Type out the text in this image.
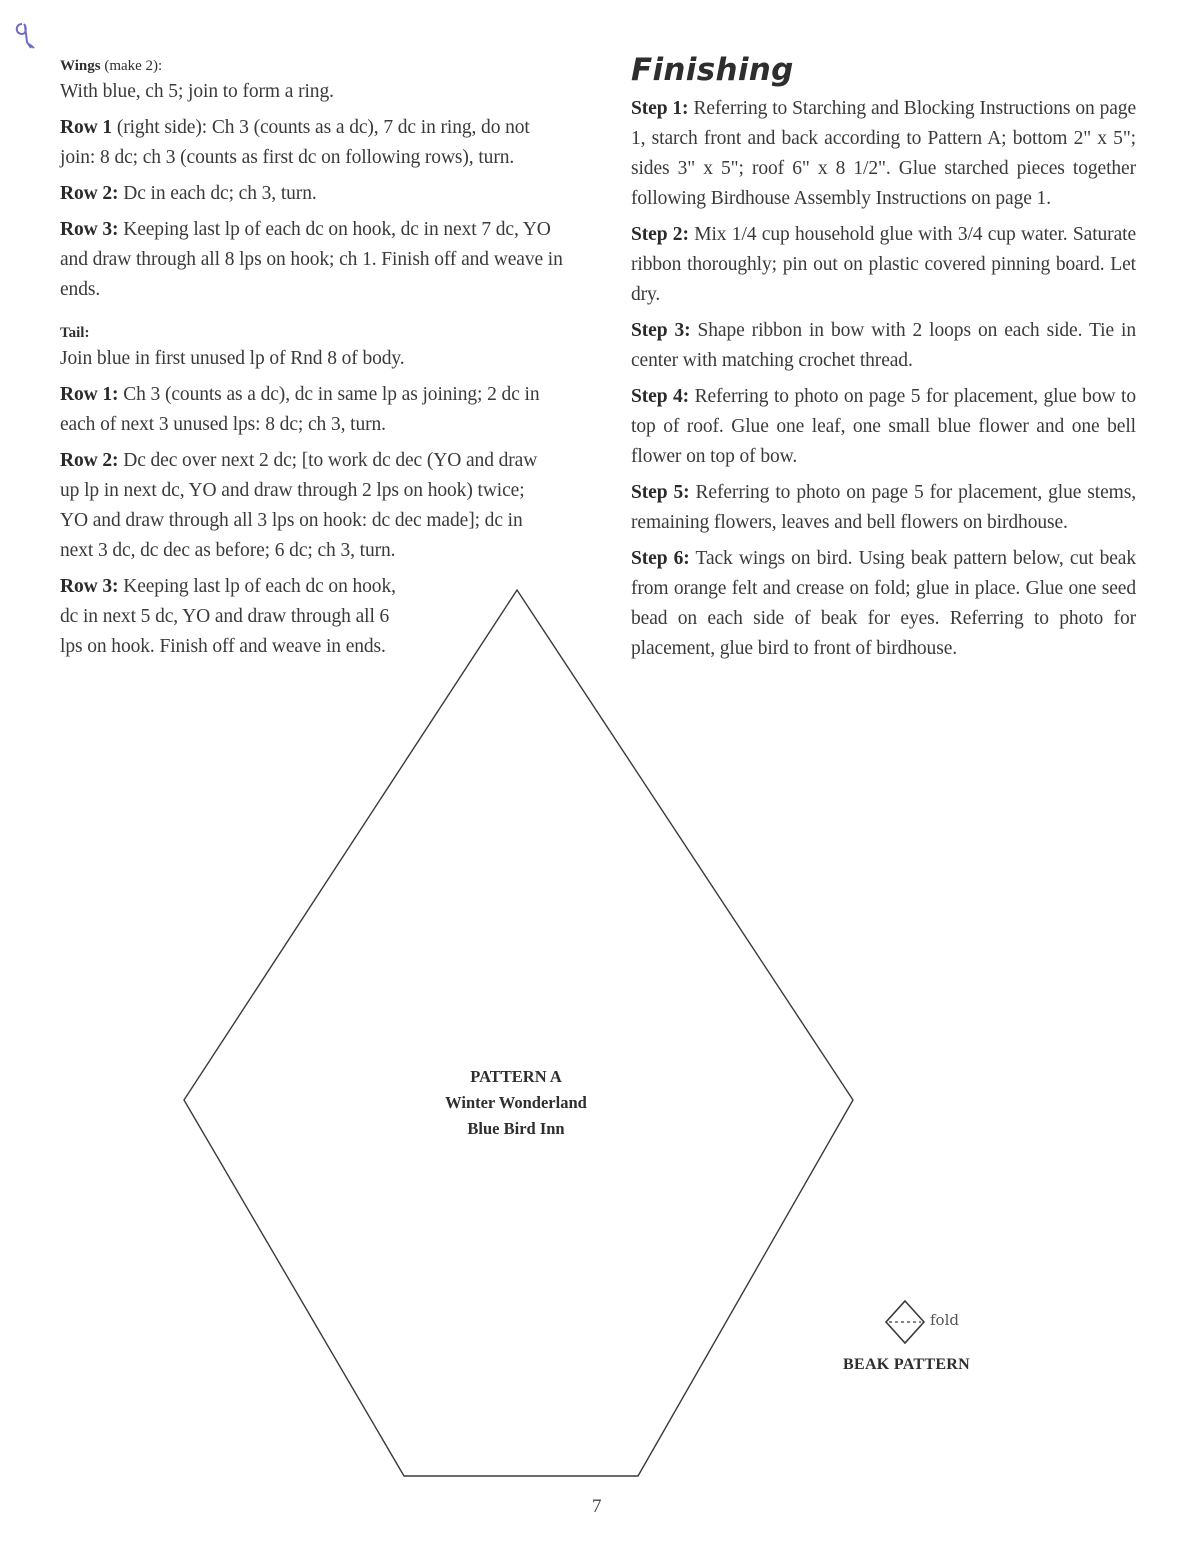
Wings (make 2):

With blue, ch 5; join to form a ring.

Row 1 (right side): Ch 3 (counts as a dc), 7 dc in ring, do not join: 8 dc; ch 3 (counts as first dc on following rows), turn.

Row 2: Dc in each dc; ch 3, turn.

Row 3: Keeping last lp of each dc on hook, dc in next 7 dc, YO and draw through all 8 lps on hook; ch 1. Finish off and weave in ends.

Tail:

Join blue in first unused lp of Rnd 8 of body.

Row 1: Ch 3 (counts as a dc), dc in same lp as joining; 2 dc in each of next 3 unused lps: 8 dc; ch 3, turn.

Row 2: Dc dec over next 2 dc; [to work dc dec (YO and draw up lp in next dc, YO and draw through 2 lps on hook) twice; YO and draw through all 3 lps on hook: dc dec made]; dc in next 3 dc, dc dec as before; 6 dc; ch 3, turn.

Row 3: Keeping last lp of each dc on hook, dc in next 5 dc, YO and draw through all 6 lps on hook. Finish off and weave in ends.

Finishing

Step 1: Referring to Starching and Blocking Instructions on page 1, starch front and back according to Pattern A; bottom 2" x 5"; sides 3" x 5"; roof 6" x 8 1/2". Glue starched pieces together following Birdhouse Assembly Instructions on page 1.

Step 2: Mix 1/4 cup household glue with 3/4 cup water. Saturate ribbon thoroughly; pin out on plastic covered pinning board. Let dry.

Step 3: Shape ribbon in bow with 2 loops on each side. Tie in center with matching crochet thread.

Step 4: Referring to photo on page 5 for placement, glue bow to top of roof. Glue one leaf, one small blue flower and one bell flower on top of bow.

Step 5: Referring to photo on page 5 for placement, glue stems, remaining flowers, leaves and bell flowers on birdhouse.

Step 6: Tack wings on bird. Using beak pattern below, cut beak from orange felt and crease on fold; glue in place. Glue one seed bead on each side of beak for eyes. Referring to photo for placement, glue bird to front of birdhouse.

PATTERN A
Winter Wonderland
Blue Bird Inn
fold
BEAK PATTERN
7
